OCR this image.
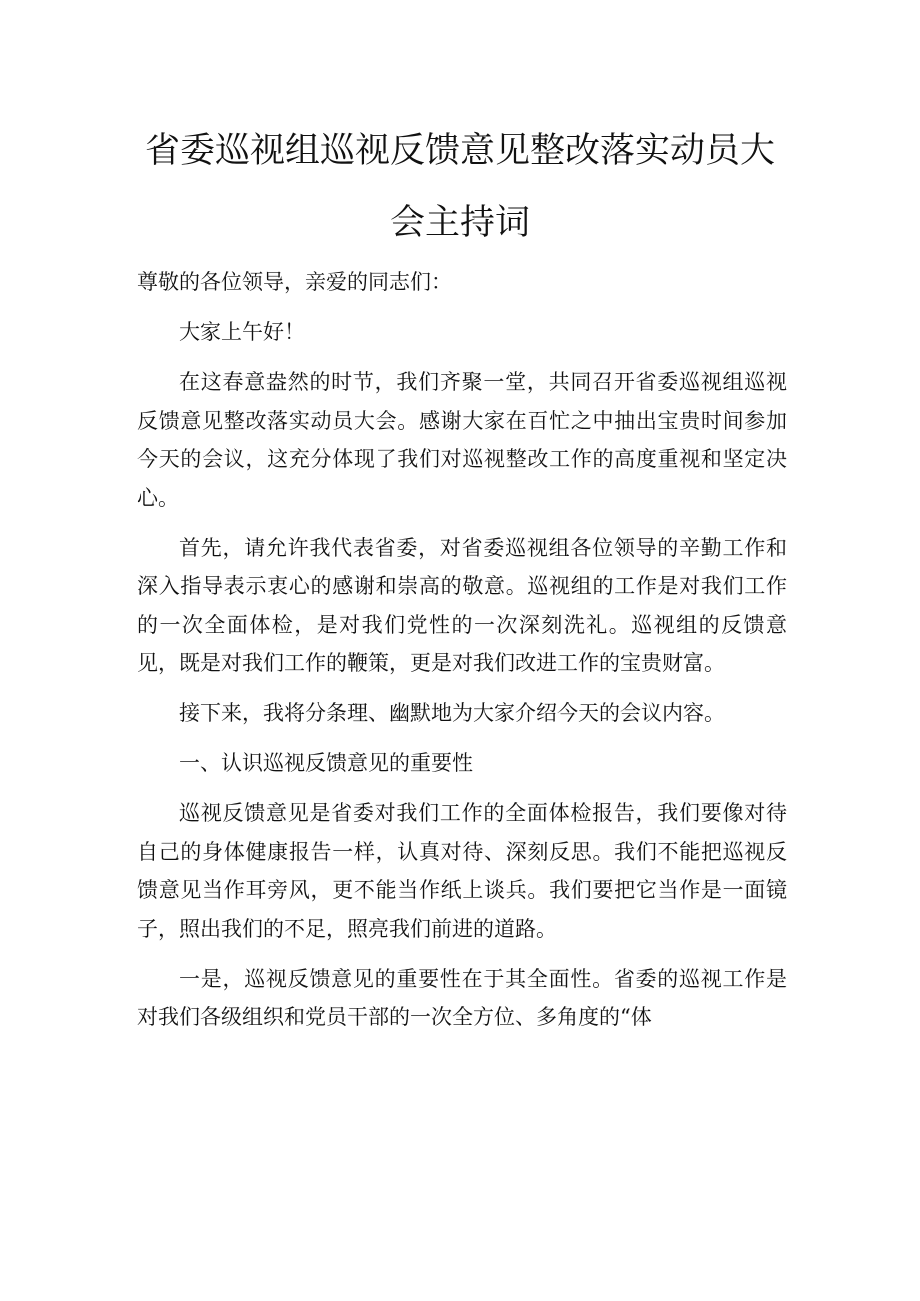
省委巡视组巡视反馈意见整改落实动员大
会主持词

尊敬的各位领导，亲爱的同志们：

大家上午好！

在这春意盎然的时节，我们齐聚一堂，共同召开省委巡视组巡视反馈意见整改落实动员大会。感谢大家在百忙之中抽出宝贵时间参加今天的会议，这充分体现了我们对巡视整改工作的高度重视和坚定决心。

首先，请允许我代表省委，对省委巡视组各位领导的辛勤工作和深入指导表示衷心的感谢和崇高的敬意。巡视组的工作是对我们工作的一次全面体检，是对我们党性的一次深刻洗礼。巡视组的反馈意见，既是对我们工作的鞭策，更是对我们改进工作的宝贵财富。

接下来，我将分条理、幽默地为大家介绍今天的会议内容。

一、认识巡视反馈意见的重要性

巡视反馈意见是省委对我们工作的全面体检报告，我们要像对待自己的身体健康报告一样，认真对待、深刻反思。我们不能把巡视反馈意见当作耳旁风，更不能当作纸上谈兵。我们要把它当作是一面镜子，照出我们的不足，照亮我们前进的道路。

一是，巡视反馈意见的重要性在于其全面性。省委的巡视工作是对我们各级组织和党员干部的一次全方位、多角度的“体
